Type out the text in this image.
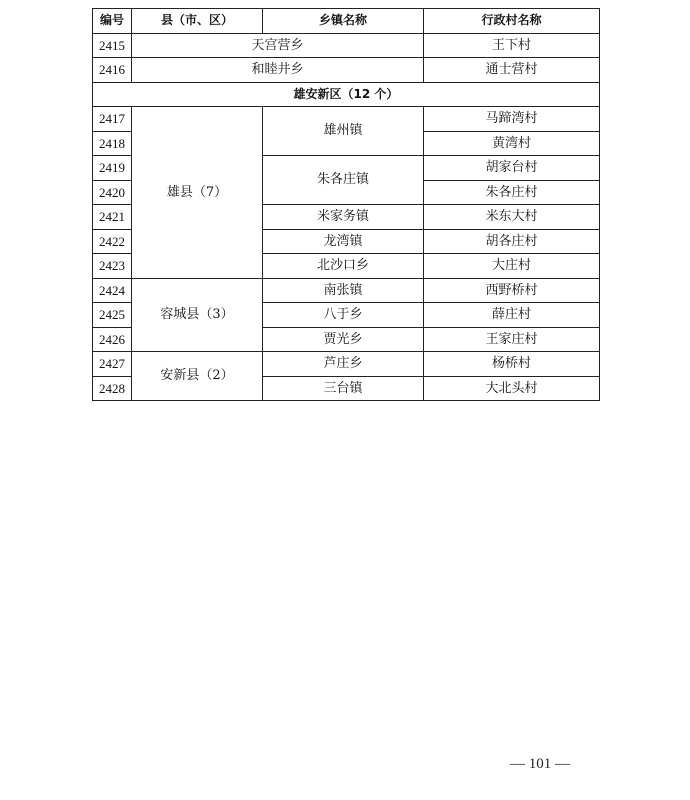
编号	县（市、区）	乡镇名称	行政村名称
2415	天宫营乡		王下村
2416	和睦井乡		通士营村
雄安新区（12 个）			
2417	雄县（7）	雄州镇	马蹄湾村
2418			黄湾村
2419		朱各庄镇	胡家台村
2420			朱各庄村
2421		米家务镇	米东大村
2422		龙湾镇	胡各庄村
2423		北沙口乡	大庄村
2424	容城县（3）	南张镇	西野桥村
2425		八于乡	薛庄村
2426		贾光乡	王家庄村
2427	安新县（2）	芦庄乡	杨桥村
2428		三台镇	大北头村
— 101 —
